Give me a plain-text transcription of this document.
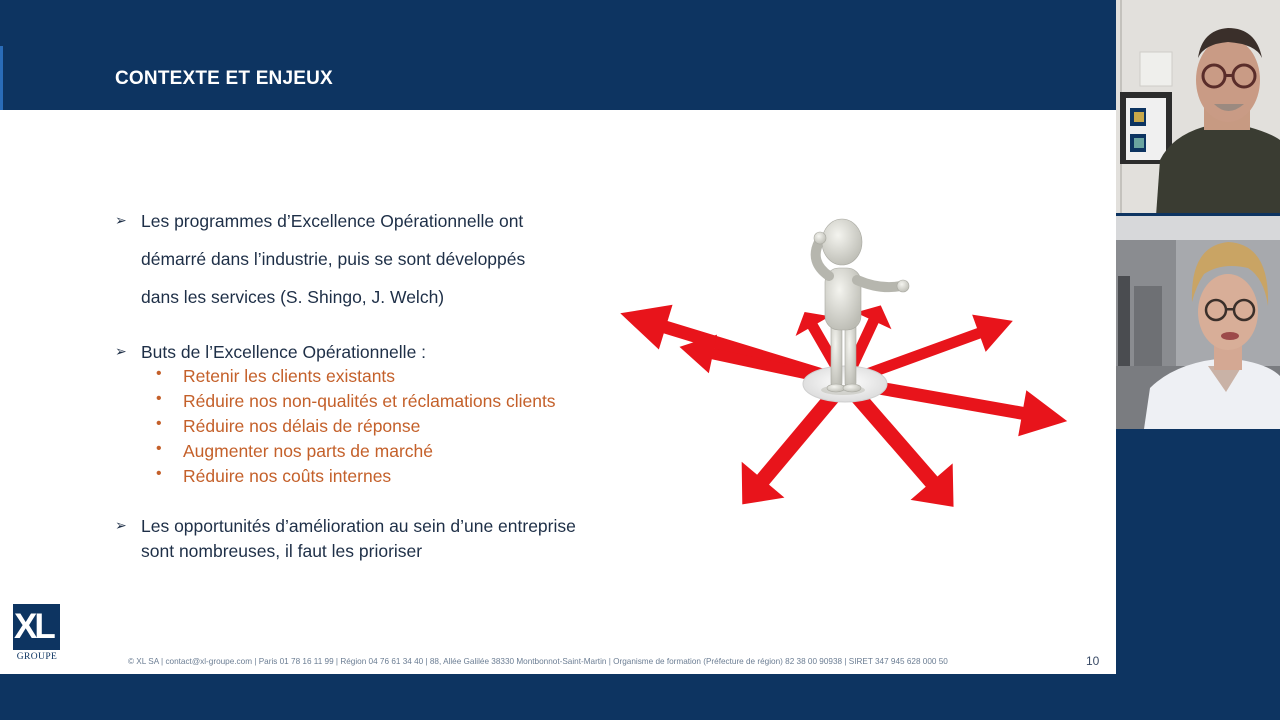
CONTEXTE ET ENJEUX
➢ Les programmes d’Excellence Opérationnelle ont
démarré dans l’industrie, puis se sont développés
dans les services (S. Shingo, J. Welch)
➢ Buts de l’Excellence Opérationnelle :
• Retenir les clients existants
• Réduire nos non-qualités et réclamations clients
• Réduire nos délais de réponse
• Augmenter nos parts de marché
• Réduire nos coûts internes
➢ Les opportunités d’amélioration au sein d’une entreprise
sont nombreuses, il faut les prioriser
XL
GROUPE	© XL SA | contact@xl-groupe.com | Paris 01 78 16 11 99 | Région 04 76 61 34 40 | 88, Allée Galilée 38330 Montbonnot-Saint-Martin | Organisme de formation (Préfecture de région) 82 38 00 90938 | SIRET 347 945 628 000 50	10
